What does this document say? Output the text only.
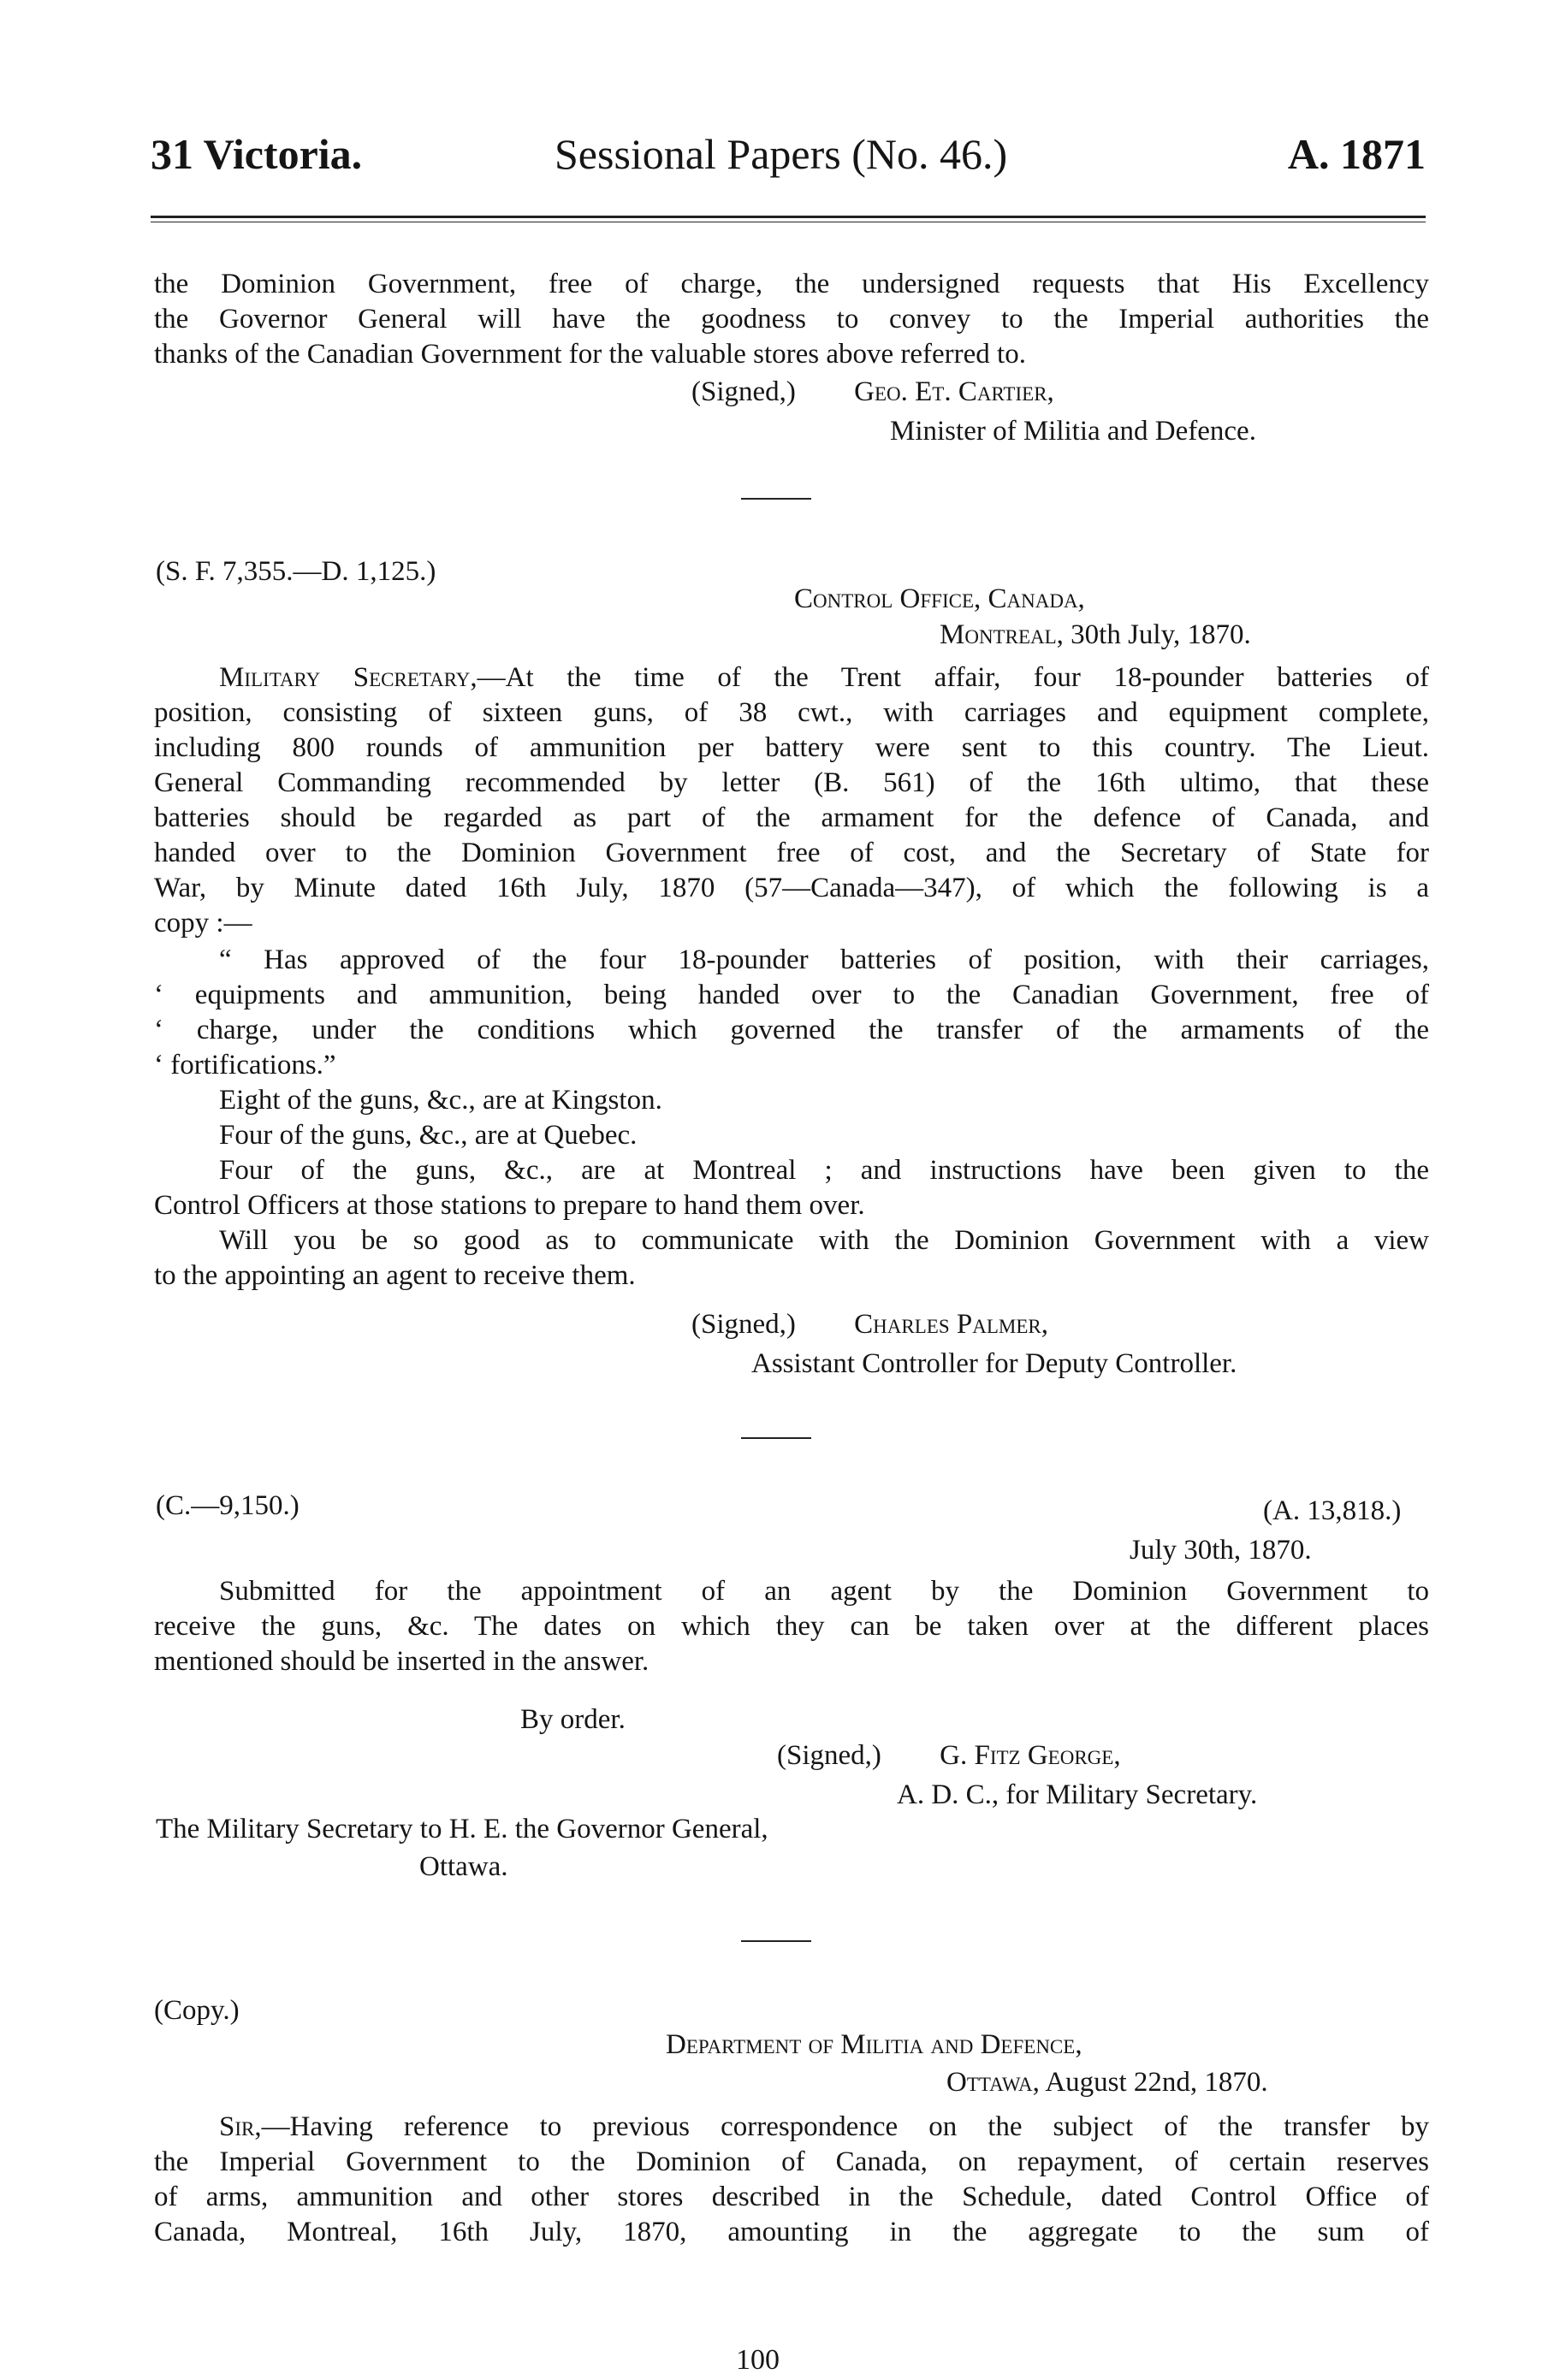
31 Victoria.	Sessional Papers (No. 46.)	A. 1871
the Dominion Government, free of charge, the undersigned requests that His Excellency
the Governor General will have the goodness to convey to the Imperial authorities the
thanks of the Canadian Government for the valuable stores above referred to.
(Signed,) Geo. Et. Cartier,
Minister of Militia and Defence.
(S. F. 7,355.—D. 1,125.)
Control Office, Canada,
Montreal, 30th July, 1870.
Military Secretary,—At the time of the Trent affair, four 18-pounder batteries of
position, consisting of sixteen guns, of 38 cwt., with carriages and equipment complete,
including 800 rounds of ammunition per battery were sent to this country. The Lieut.
General Commanding recommended by letter (B. 561) of the 16th ultimo, that these
batteries should be regarded as part of the armament for the defence of Canada, and
handed over to the Dominion Government free of cost, and the Secretary of State for
War, by Minute dated 16th July, 1870 (57—Canada—347), of which the following is a
copy :—
“ Has approved of the four 18-pounder batteries of position, with their carriages,
‘ equipments and ammunition, being handed over to the Canadian Government, free of
‘ charge, under the conditions which governed the transfer of the armaments of the
‘ fortifications.”
Eight of the guns, &c., are at Kingston.
Four of the guns, &c., are at Quebec.
Four of the guns, &c., are at Montreal ; and instructions have been given to the
Control Officers at those stations to prepare to hand them over.
Will you be so good as to communicate with the Dominion Government with a view
to the appointing an agent to receive them.
(Signed,) Charles Palmer,
Assistant Controller for Deputy Controller.
(C.—9,150.)	(A. 13,818.)
July 30th, 1870.
Submitted for the appointment of an agent by the Dominion Government to
receive the guns, &c. The dates on which they can be taken over at the different places
mentioned should be inserted in the answer.
By order.
(Signed,) G. Fitz George,
A. D. C., for Military Secretary.
The Military Secretary to H. E. the Governor General,
Ottawa.
(Copy.)
Department of Militia and Defence,
Ottawa, August 22nd, 1870.
Sir,—Having reference to previous correspondence on the subject of the transfer by
the Imperial Government to the Dominion of Canada, on repayment, of certain reserves
of arms, ammunition and other stores described in the Schedule, dated Control Office of
Canada, Montreal, 16th July, 1870, amounting in the aggregate to the sum of
100
